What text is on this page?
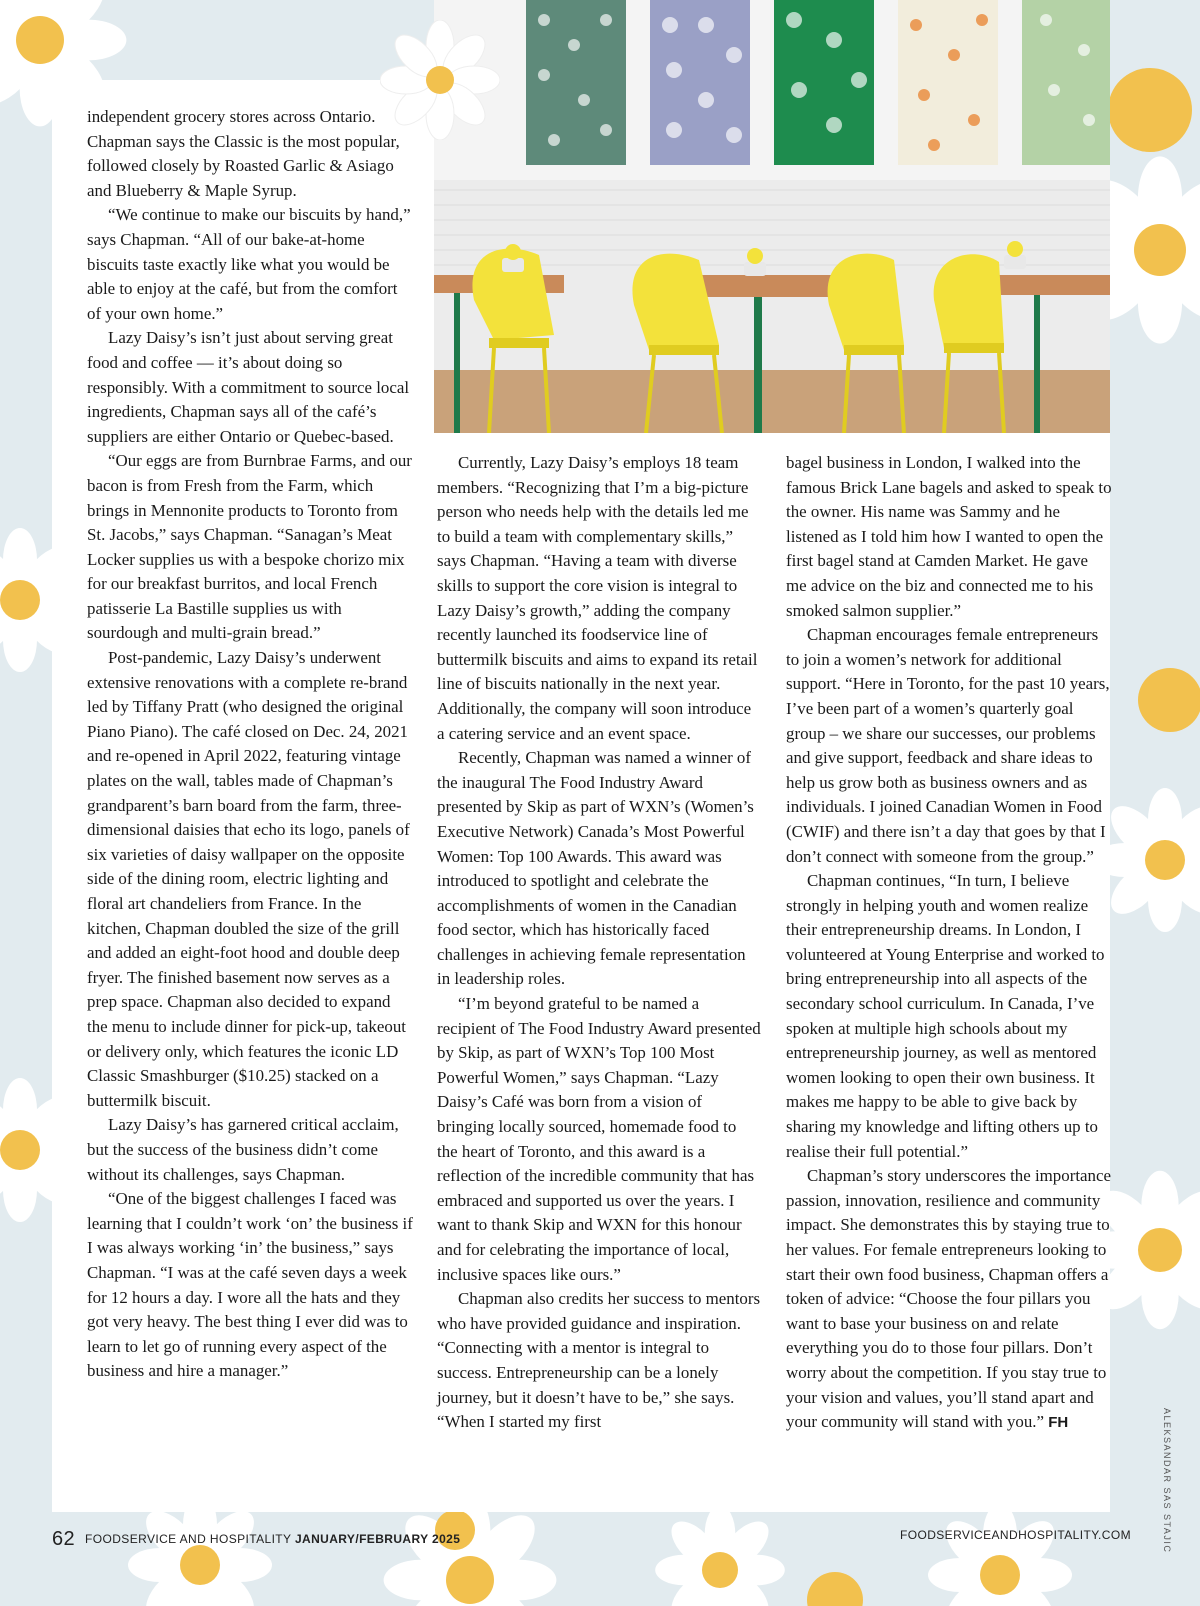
independent grocery stores across Ontario. Chapman says the Classic is the most popular, followed closely by Roasted Garlic & Asiago and Blueberry & Maple Syrup.

“We continue to make our biscuits by hand,” says Chapman. “All of our bake-at-home biscuits taste exactly like what you would be able to enjoy at the café, but from the comfort of your own home.”

Lazy Daisy’s isn’t just about serving great food and coffee — it’s about doing so responsibly. With a commitment to source local ingredients, Chapman says all of the café’s suppliers are either Ontario or Quebec-based.

“Our eggs are from Burnbrae Farms, and our bacon is from Fresh from the Farm, which brings in Mennonite products to Toronto from St. Jacobs,” says Chapman. “Sanagan’s Meat Locker supplies us with a bespoke chorizo mix for our breakfast burritos, and local French patisserie La Bastille supplies us with sourdough and multi-grain bread.”

Post-pandemic, Lazy Daisy’s underwent extensive renovations with a complete re-brand led by Tiffany Pratt (who designed the original Piano Piano). The café closed on Dec. 24, 2021 and re-opened in April 2022, featuring vintage plates on the wall, tables made of Chapman’s grandparent’s barn board from the farm, three-dimensional daisies that echo its logo, panels of six varieties of daisy wallpaper on the opposite side of the dining room, electric lighting and floral art chandeliers from France. In the kitchen, Chapman doubled the size of the grill and added an eight-foot hood and double deep fryer. The finished basement now serves as a prep space. Chapman also decided to expand the menu to include dinner for pick-up, takeout or delivery only, which features the iconic LD Classic Smashburger ($10.25) stacked on a buttermilk biscuit.

Lazy Daisy’s has garnered critical acclaim, but the success of the business didn’t come without its challenges, says Chapman.

“One of the biggest challenges I faced was learning that I couldn’t work ‘on’ the business if I was always working ‘in’ the business,” says Chapman. “I was at the café seven days a week for 12 hours a day. I wore all the hats and they got very heavy. The best thing I ever did was to learn to let go of running every aspect of the business and hire a manager.”

Currently, Lazy Daisy’s employs 18 team members. “Recognizing that I’m a big-picture person who needs help with the details led me to build a team with complementary skills,” says Chapman. “Having a team with diverse skills to support the core vision is integral to Lazy Daisy’s growth,” adding the company recently launched its foodservice line of buttermilk biscuits and aims to expand its retail line of biscuits nationally in the next year. Additionally, the company will soon introduce a catering service and an event space.

Recently, Chapman was named a winner of the inaugural The Food Industry Award presented by Skip as part of WXN’s (Women’s Executive Network) Canada’s Most Powerful Women: Top 100 Awards. This award was introduced to spotlight and celebrate the accomplishments of women in the Canadian food sector, which has historically faced challenges in achieving female representation in leadership roles.

“I’m beyond grateful to be named a recipient of The Food Industry Award presented by Skip, as part of WXN’s Top 100 Most Powerful Women,” says Chapman. “Lazy Daisy’s Café was born from a vision of bringing locally sourced, homemade food to the heart of Toronto, and this award is a reflection of the incredible community that has embraced and supported us over the years. I want to thank Skip and WXN for this honour and for celebrating the importance of local, inclusive spaces like ours.”

Chapman also credits her success to mentors who have provided guidance and inspiration. “Connecting with a mentor is integral to success. Entrepreneurship can be a lonely journey, but it doesn’t have to be,” she says. “When I started my first

bagel business in London, I walked into the famous Brick Lane bagels and asked to speak to the owner. His name was Sammy and he listened as I told him how I wanted to open the first bagel stand at Camden Market. He gave me advice on the biz and connected me to his smoked salmon supplier.”

Chapman encourages female entrepreneurs to join a women’s network for additional support. “Here in Toronto, for the past 10 years, I’ve been part of a women’s quarterly goal group – we share our successes, our problems and give support, feedback and share ideas to help us grow both as business owners and as individuals. I joined Canadian Women in Food (CWIF) and there isn’t a day that goes by that I don’t connect with someone from the group.”

Chapman continues, “In turn, I believe strongly in helping youth and women realize their entrepreneurship dreams. In London, I volunteered at Young Enterprise and worked to bring entrepreneurship into all aspects of the secondary school curriculum. In Canada, I’ve spoken at multiple high schools about my entrepreneurship journey, as well as mentored women looking to open their own business. It makes me happy to be able to give back by sharing my knowledge and lifting others up to realise their full potential.”

Chapman’s story underscores the importance passion, innovation, resilience and community impact. She demonstrates this by staying true to her values. For female entrepreneurs looking to start their own food business, Chapman offers a token of advice: “Choose the four pillars you want to base your business on and relate everything you do to those four pillars. Don’t worry about the competition. If you stay true to your vision and values, you’ll stand apart and your community will stand with you.” FH

62 FOODSERVICE AND HOSPITALITY JANUARY/FEBRUARY 2025	FOODSERVICEANDHOSPITALITY.COM	ALEKSANDAR SAS STAJIC
